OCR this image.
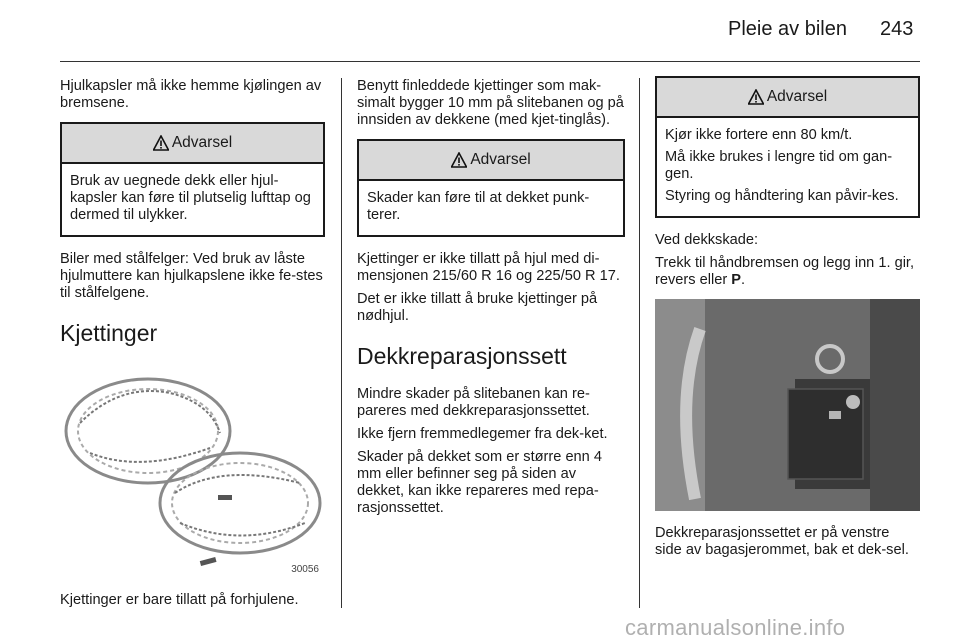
Pleie av bilen 243

Hjulkapsler må ikke hemme kjølingen av bremsene.

Advarsel

Bruk av uegnede dekk eller hjul-kapsler kan føre til plutselig lufttap og dermed til ulykker.

Biler med stålfelger: Ved bruk av låste hjulmuttere kan hjulkapslene ikke fe-stes til stålfelgene.

Kjettinger
30056

Kjettinger er bare tillatt på forhjulene.

Benytt finleddede kjettinger som mak-simalt bygger 10 mm på slitebanen og på innsiden av dekkene (med kjet-tinglås).

Advarsel

Skader kan føre til at dekket punk-terer.

Kjettinger er ikke tillatt på hjul med di-mensjonen 215/60 R 16 og 225/50 R 17.

Det er ikke tillatt å bruke kjettinger på nødhjul.

Dekkreparasjonssett

Mindre skader på slitebanen kan re-pareres med dekkreparasjonssettet.

Ikke fjern fremmedlegemer fra dek-ket.

Skader på dekket som er større enn 4 mm eller befinner seg på siden av dekket, kan ikke repareres med repa-rasjonssettet.

Advarsel

Kjør ikke fortere enn 80 km/t.

Må ikke brukes i lengre tid om gan-gen.

Styring og håndtering kan påvir-kes.

Ved dekkskade:

Trekk til håndbremsen og legg inn 1. gir, revers eller P.

Dekkreparasjonssettet er på venstre side av bagasjerommet, bak et dek-sel.

carmanualsonline.info
